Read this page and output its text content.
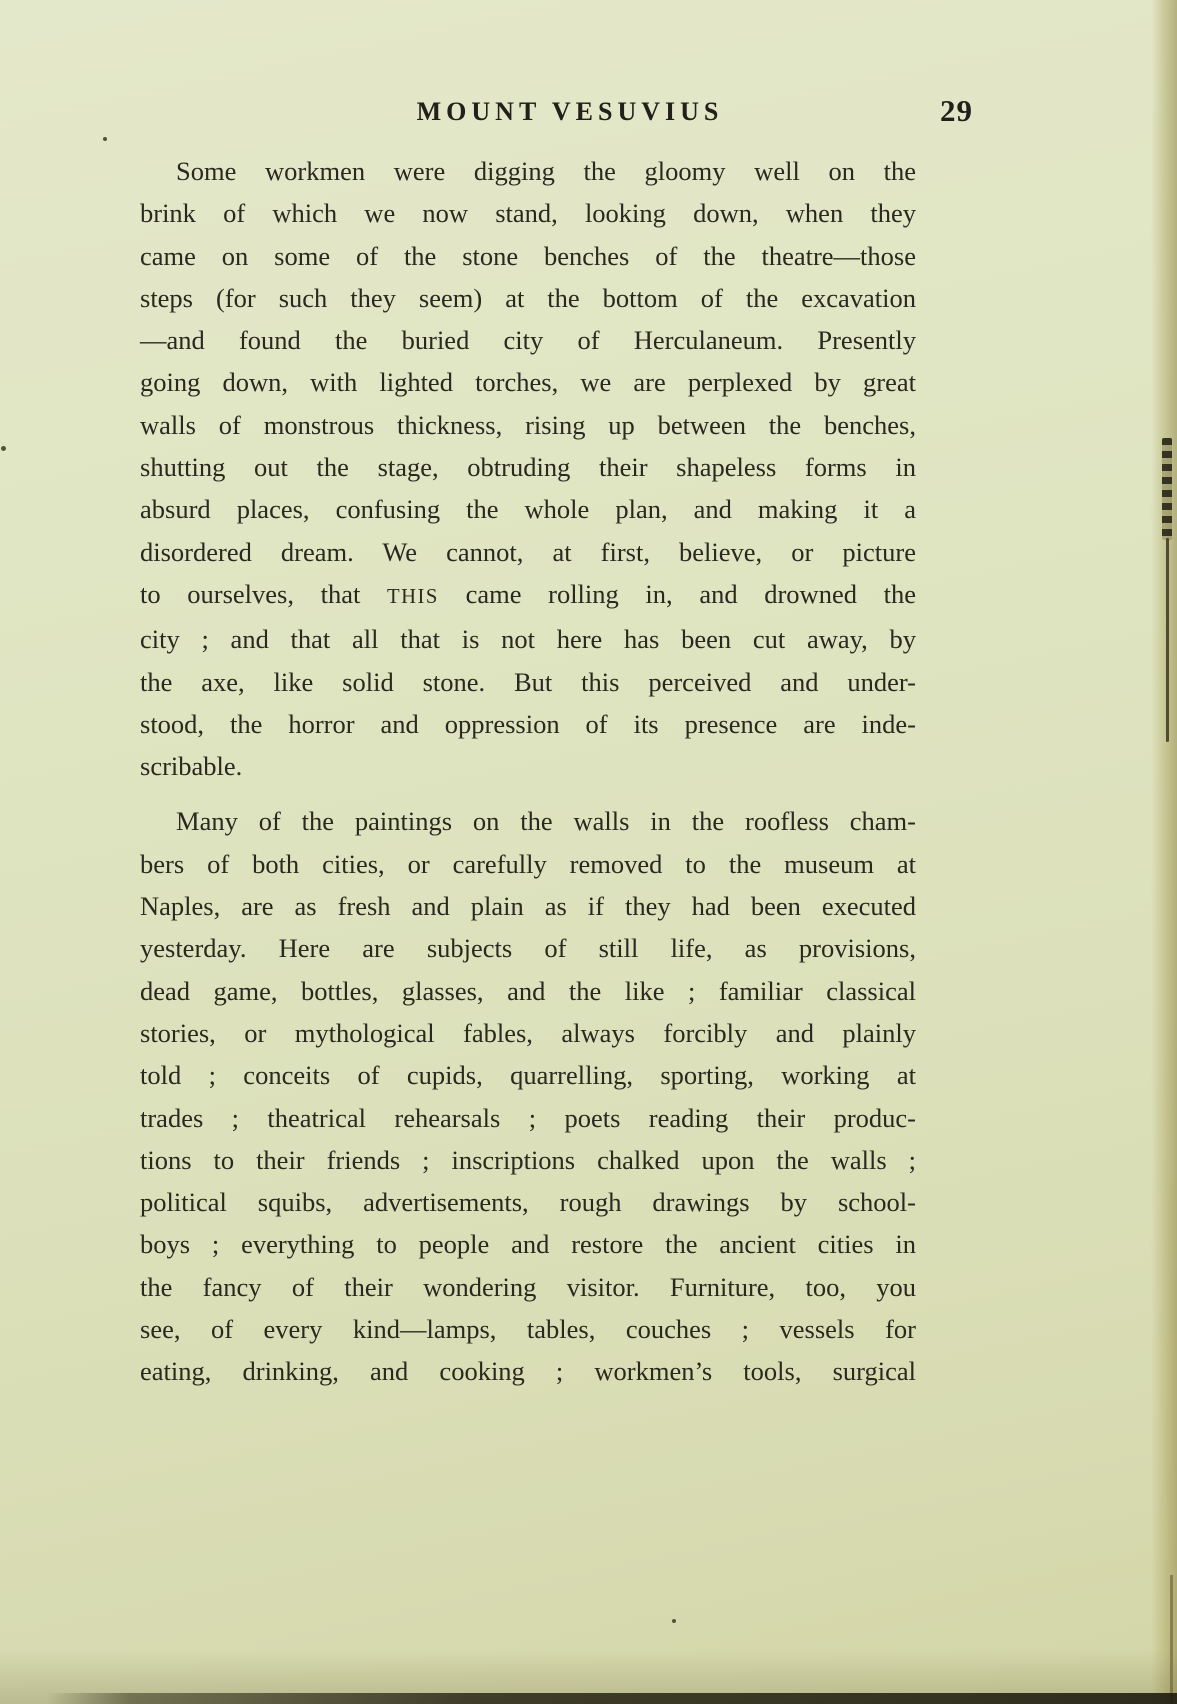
MOUNT VESUVIUS	29
Some workmen were digging the gloomy well on the
brink of which we now stand, looking down, when they
came on some of the stone benches of the theatre—those
steps (for such they seem) at the bottom of the excavation
—and found the buried city of Herculaneum. Presently
going down, with lighted torches, we are perplexed by great
walls of monstrous thickness, rising up between the benches,
shutting out the stage, obtruding their shapeless forms in
absurd places, confusing the whole plan, and making it a
disordered dream. We cannot, at first, believe, or picture
to ourselves, that THIS came rolling in, and drowned the
city ; and that all that is not here has been cut away, by
the axe, like solid stone. But this perceived and under-
stood, the horror and oppression of its presence are inde-
scribable.
Many of the paintings on the walls in the roofless cham-
bers of both cities, or carefully removed to the museum at
Naples, are as fresh and plain as if they had been executed
yesterday. Here are subjects of still life, as provisions,
dead game, bottles, glasses, and the like ; familiar classical
stories, or mythological fables, always forcibly and plainly
told ; conceits of cupids, quarrelling, sporting, working at
trades ; theatrical rehearsals ; poets reading their produc-
tions to their friends ; inscriptions chalked upon the walls ;
political squibs, advertisements, rough drawings by school-
boys ; everything to people and restore the ancient cities in
the fancy of their wondering visitor. Furniture, too, you
see, of every kind—lamps, tables, couches ; vessels for
eating, drinking, and cooking ; workmen’s tools, surgical
